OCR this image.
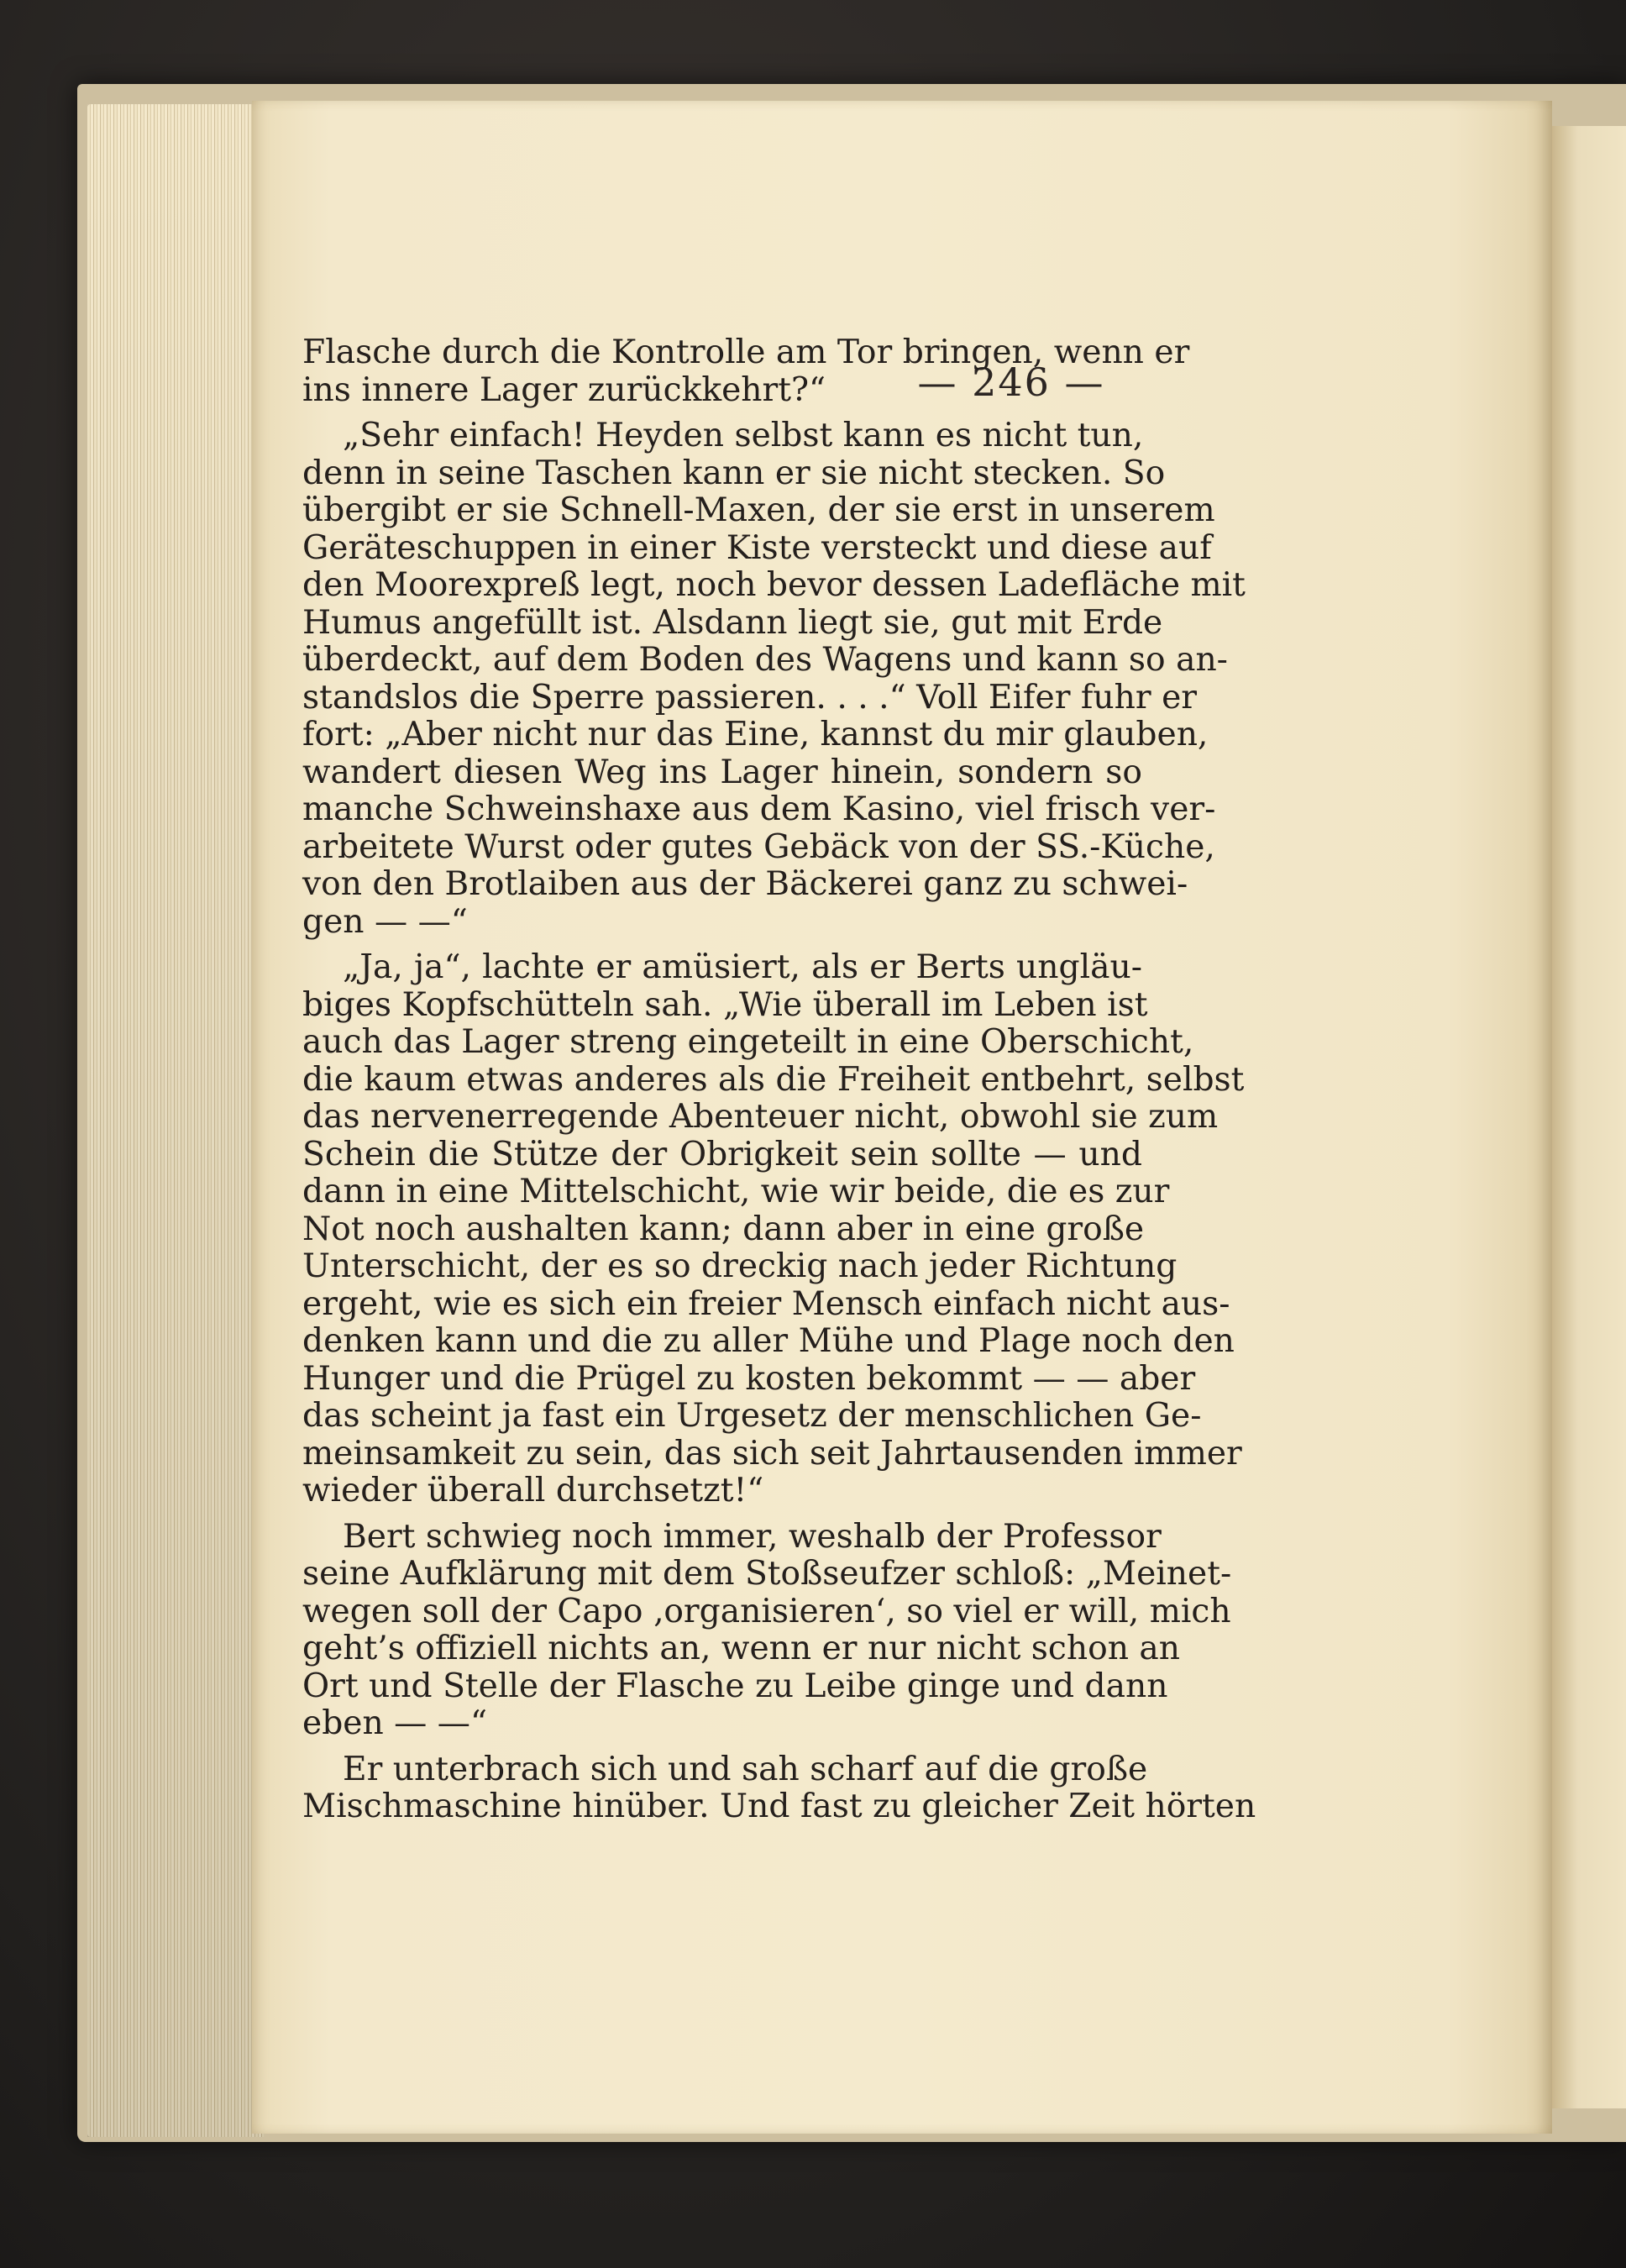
— 246 —

Flasche durch die Kontrolle am Tor bringen, wenn er
ins innere Lager zurückkehrt?“

„Sehr einfach! Heyden selbst kann es nicht tun,
denn in seine Taschen kann er sie nicht stecken. So
übergibt er sie Schnell-Maxen, der sie erst in unserem
Geräteschuppen in einer Kiste versteckt und diese auf
den Moorexpreß legt, noch bevor dessen Ladefläche mit
Humus angefüllt ist. Alsdann liegt sie, gut mit Erde
überdeckt, auf dem Boden des Wagens und kann so an-
standslos die Sperre passieren. . . .“ Voll Eifer fuhr er
fort: „Aber nicht nur das Eine, kannst du mir glauben,
wandert diesen Weg ins Lager hinein, sondern so
manche Schweinshaxe aus dem Kasino, viel frisch ver-
arbeitete Wurst oder gutes Gebäck von der SS.-Küche,
von den Brotlaiben aus der Bäckerei ganz zu schwei-
gen — —“

„Ja, ja“, lachte er amüsiert, als er Berts ungläu-
biges Kopfschütteln sah. „Wie überall im Leben ist
auch das Lager streng eingeteilt in eine Oberschicht,
die kaum etwas anderes als die Freiheit entbehrt, selbst
das nervenerregende Abenteuer nicht, obwohl sie zum
Schein die Stütze der Obrigkeit sein sollte — und
dann in eine Mittelschicht, wie wir beide, die es zur
Not noch aushalten kann; dann aber in eine große
Unterschicht, der es so dreckig nach jeder Richtung
ergeht, wie es sich ein freier Mensch einfach nicht aus-
denken kann und die zu aller Mühe und Plage noch den
Hunger und die Prügel zu kosten bekommt — — aber
das scheint ja fast ein Urgesetz der menschlichen Ge-
meinsamkeit zu sein, das sich seit Jahrtausenden immer
wieder überall durchsetzt!“

Bert schwieg noch immer, weshalb der Professor
seine Aufklärung mit dem Stoßseufzer schloß: „Meinet-
wegen soll der Capo ‚organisieren‘, so viel er will, mich
geht’s offiziell nichts an, wenn er nur nicht schon an
Ort und Stelle der Flasche zu Leibe ginge und dann
eben — —“

Er unterbrach sich und sah scharf auf die große
Mischmaschine hinüber. Und fast zu gleicher Zeit hörten
